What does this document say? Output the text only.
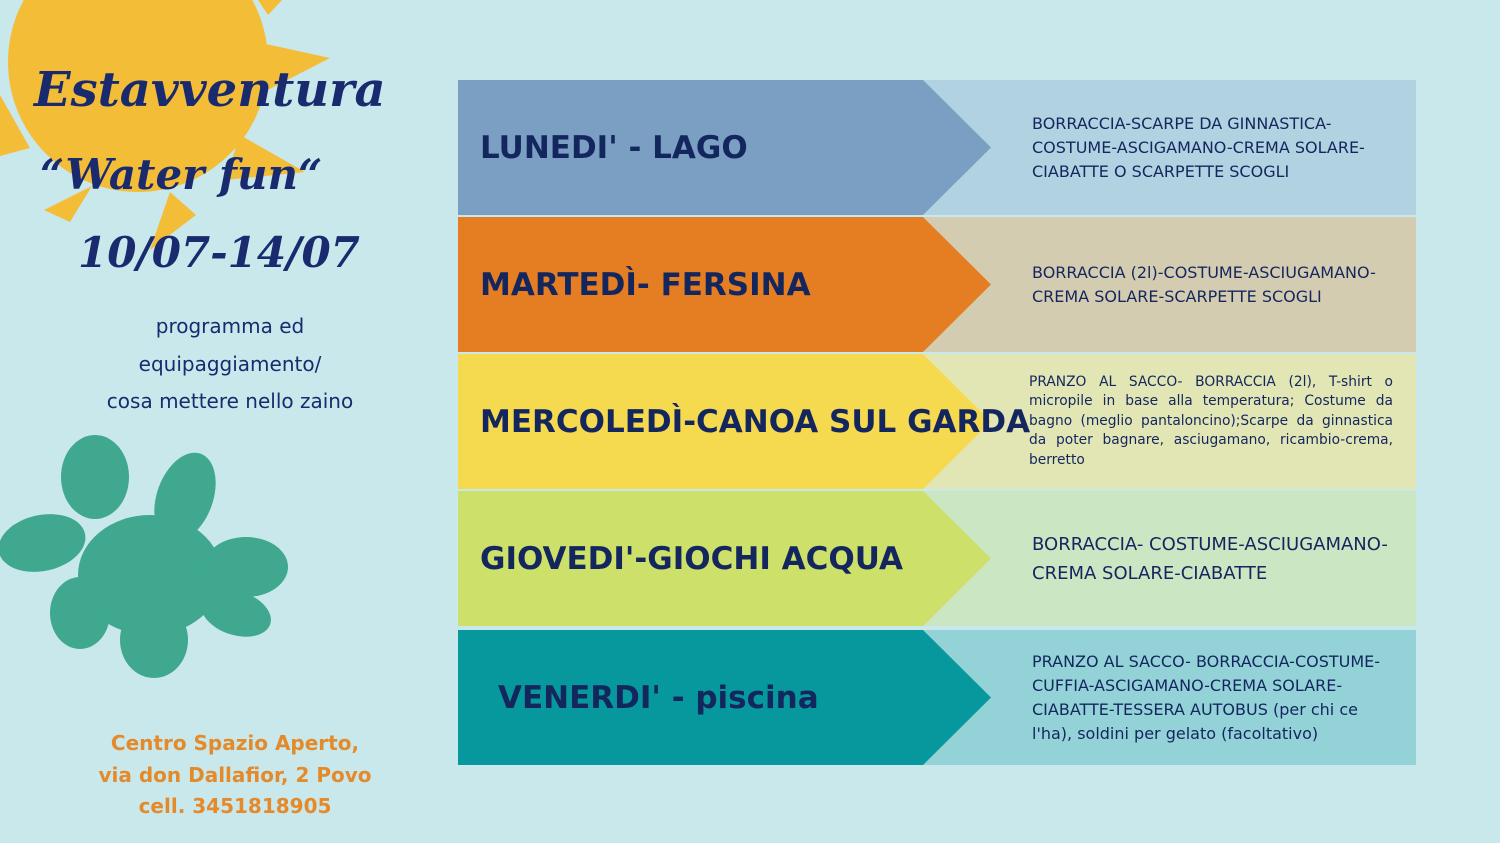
Estavventura
“Water fun“
10/07-14/07
programma ed
equipaggiamento/
cosa mettere nello zaino
Centro Spazio Aperto,
via don Dallafior, 2 Povo
cell. 3451818905
LUNEDI' - LAGO
BORRACCIA-SCARPE DA GINNASTICA-COSTUME-ASCIGAMANO-CREMA SOLARE- CIABATTE O SCARPETTE SCOGLI
MARTEDÌ- FERSINA	BORRACCIA (2l)-COSTUME-ASCIUGAMANO-CREMA SOLARE-SCARPETTE SCOGLI
MERCOLEDÌ-CANOA SUL GARDA
PRANZO AL SACCO- BORRACCIA (2l), T-shirt o micropile in base alla temperatura; Costume da bagno (meglio pantaloncino);Scarpe da ginnastica da poter bagnare, asciugamano, ricambio-crema, berretto
GIOVEDI'-GIOCHI ACQUA	BORRACCIA- COSTUME-ASCIUGAMANO-CREMA SOLARE-CIABATTE
VENERDI' - piscina
PRANZO AL SACCO- BORRACCIA-COSTUME- CUFFIA-ASCIGAMANO-CREMA SOLARE- CIABATTE-TESSERA AUTOBUS (per chi ce l'ha), soldini per gelato (facoltativo)
